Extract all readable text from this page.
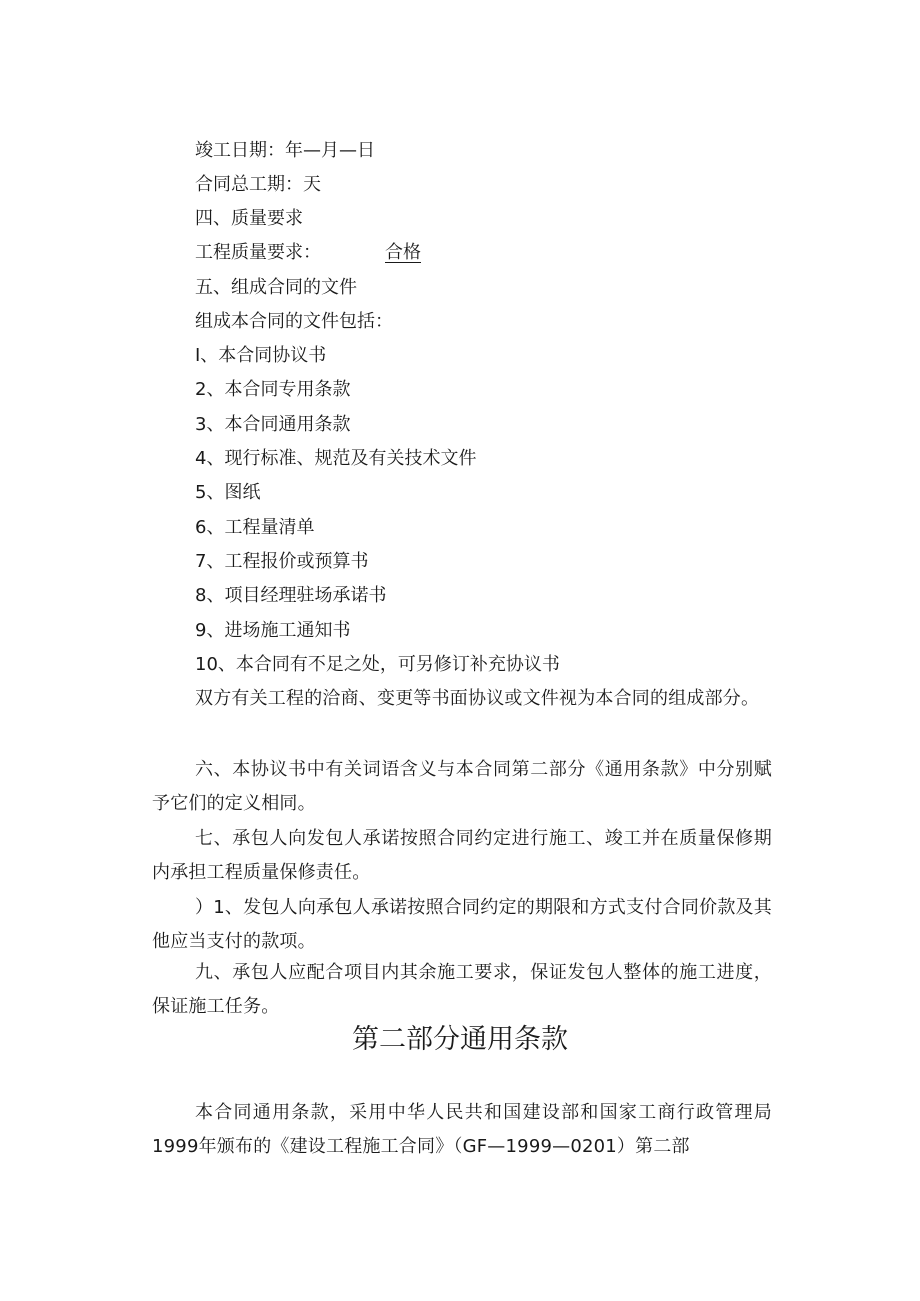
竣工日期：年—月—日
合同总工期：天
四、质量要求
工程质量要求：	合格
五、组成合同的文件
组成本合同的文件包括：
I、本合同协议书
2、本合同专用条款
3、本合同通用条款
4、现行标准、规范及有关技术文件
5、图纸
6、工程量清单
7、工程报价或预算书
8、项目经理驻场承诺书
9、进场施工通知书
10、本合同有不足之处，可另修订补充协议书
双方有关工程的洽商、变更等书面协议或文件视为本合同的组成部分。
六、本协议书中有关词语含义与本合同第二部分《通用条款》中分别赋予它们的定义相同。
七、承包人向发包人承诺按照合同约定进行施工、竣工并在质量保修期内承担工程质量保修责任。
）1、发包人向承包人承诺按照合同约定的期限和方式支付合同价款及其他应当支付的款项。
九、承包人应配合项目内其余施工要求，保证发包人整体的施工进度，保证施工任务。
第二部分通用条款
本合同通用条款，采用中华人民共和国建设部和国家工商行政管理局1999年颁布的《建设工程施工合同》（GF—1999—0201）第二部
